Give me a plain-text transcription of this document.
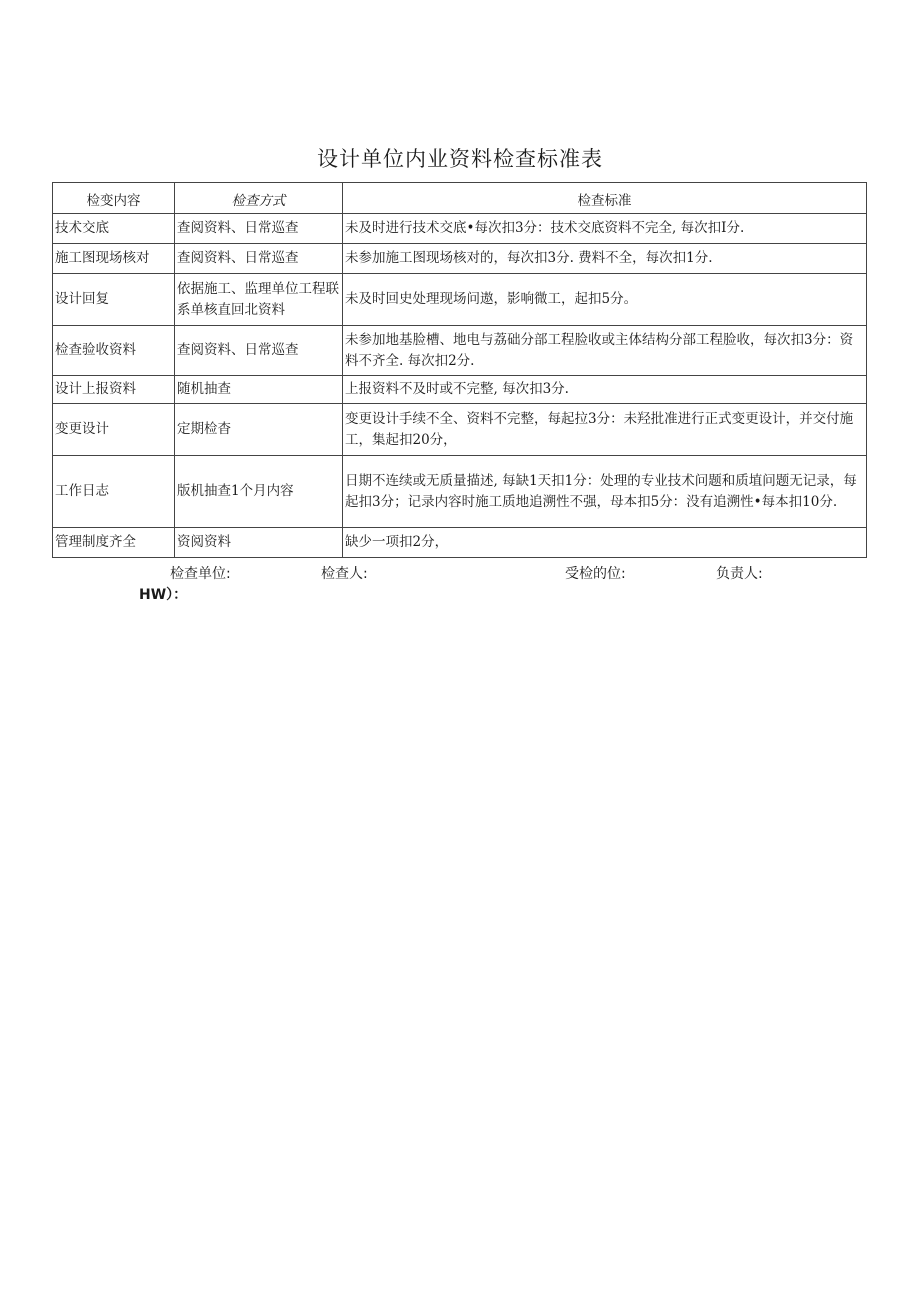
设计单位内业资料检查标准表
检变内容	检查方式	检查标准
技术交底	查阅资料、日常巡查	未及时进行技术交底•每次扣3分：技术交底资料不完全, 每次扣I分.
施工图现场核对	查阅资料、日常巡查	未参加施工图现场核对的，每次扣3分. 费料不全，每次扣1分.
设计回复	依据施工、监理单位工程联系单核直回北资料	未及时回史处理现场问遨，影响微工，起扣5分。
检查验收资料	查阅资料、日常巡查	未参加地基脸槽、地电与荔础分部工程脸收或主体结构分部工程脸收，每次扣3分：资料不齐全. 每次扣2分.
设计上报资料	随机抽查	上报资料不及时或不完整, 每次扣3分.
变更设计	定期检杳	变更设计手续不全、资料不完整，每起拉3分：未羟批准进行正式变更设计，并交付施工，集起扣20分，
工作日志	版机抽查1个月内容	日期不连续或无质量描述, 每缺1天扣1分：处理的专业技术问题和质埴问题无记录，每起扣3分；记录内容时施工质地追溯性不强，母本扣5分：没有追溯性•每本扣10分.
管理制度齐全	资阅资料	缺少一项扣2分，
检查单位:	检查人:	受检的位:	负责人:
HW）：
